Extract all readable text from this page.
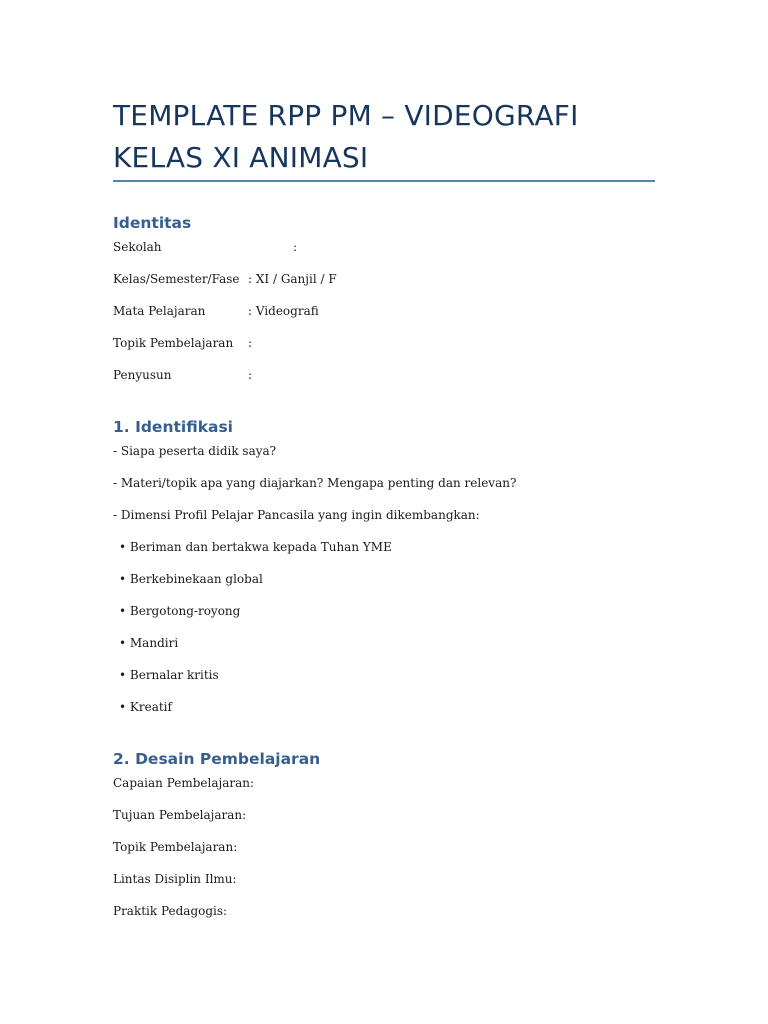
TEMPLATE RPP PM – VIDEOGRAFI
KELAS XI ANIMASI
Identitas
Sekolah	:
Kelas/Semester/Fase : XI / Ganjil / F
Mata Pelajaran	: Videografi
Topik Pembelajaran :
Penyusun	:
1. Identifikasi

- Siapa peserta didik saya?

- Materi/topik apa yang diajarkan? Mengapa penting dan relevan?

- Dimensi Profil Pelajar Pancasila yang ingin dikembangkan:

• Beriman dan bertakwa kepada Tuhan YME

• Berkebinekaan global

• Bergotong-royong

• Mandiri

• Bernalar kritis

• Kreatif

2. Desain Pembelajaran

Capaian Pembelajaran:

Tujuan Pembelajaran:

Topik Pembelajaran:

Lintas Disiplin Ilmu:

Praktik Pedagogis:
